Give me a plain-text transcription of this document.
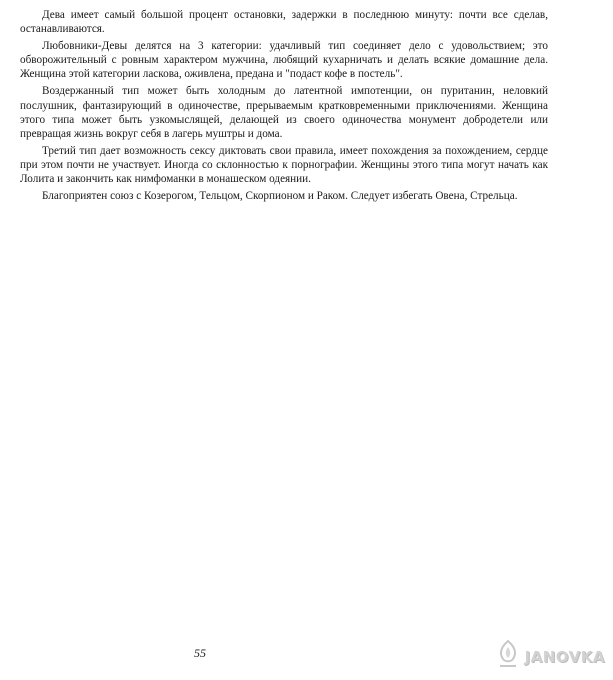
Дева имеет самый большой процент остановки, задержки в последнюю минуту: почти все сделав, останавливаются.

Любовники-Девы делятся на 3 категории: удачливый тип соединяет дело с удовольствием; это обворожительный с ровным характером мужчина, любящий кухарничать и делать всякие домашние дела. Женщина этой категории ласкова, оживлена, предана и "подаст кофе в постель".

Воздержанный тип может быть холодным до латентной импотенции, он пуританин, неловкий послушник, фантазирующий в одиночестве, прерываемым кратковременными приключениями. Женщина этого типа может быть узкомыслящей, делающей из своего одиночества монумент добродетели или превращая жизнь вокруг себя в лагерь муштры и дома.

Третий тип дает возможность сексу диктовать свои правила, имеет похождения за похождением, сердце при этом почти не участвует. Иногда со склонностью к порнографии. Женщины этого типа могут начать как Лолита и закончить как нимфоманки в монашеском одеянии.

Благоприятен союз с Козерогом, Тельцом, Скорпионом и Раком. Следует избегать Овена, Стрельца.

55	JANOVKA
